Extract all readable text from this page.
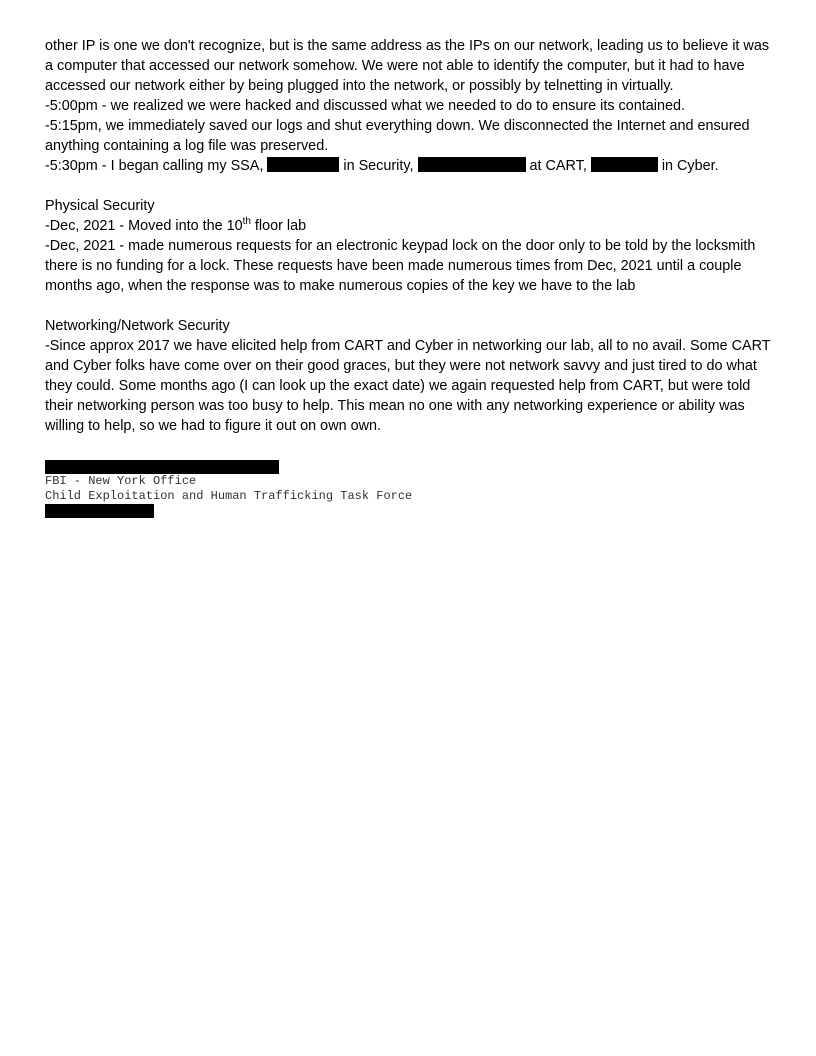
other IP is one we don't recognize, but is the same address as the IPs on our network, leading us to believe it was a computer that accessed our network somehow. We were not able to identify the computer, but it had to have accessed our network either by being plugged into the network, or possibly by telnetting in virtually.

-5:00pm - we realized we were hacked and discussed what we needed to do to ensure its contained.

-5:15pm, we immediately saved our logs and shut everything down. We disconnected the Internet and ensured anything containing a log file was preserved.

-5:30pm - I began calling my SSA,	in Security,	at CART,	in Cyber.

Physical Security

-Dec, 2021 - Moved into the 10th floor lab

-Dec, 2021 - made numerous requests for an electronic keypad lock on the door only to be told by the locksmith there is no funding for a lock. These requests have been made numerous times from Dec, 2021 until a couple months ago, when the response was to make numerous copies of the key we have to the lab

Networking/Network Security

-Since approx 2017 we have elicited help from CART and Cyber in networking our lab, all to no avail. Some CART and Cyber folks have come over on their good graces, but they were not network savvy and just tired to do what they could. Some months ago (I can look up the exact date) we again requested help from CART, but were told their networking person was too busy to help. This mean no one with any networking experience or ability was willing to help, so we had to figure it out on own own.

FBI - New York Office
Child Exploitation and Human Trafficking Task Force
